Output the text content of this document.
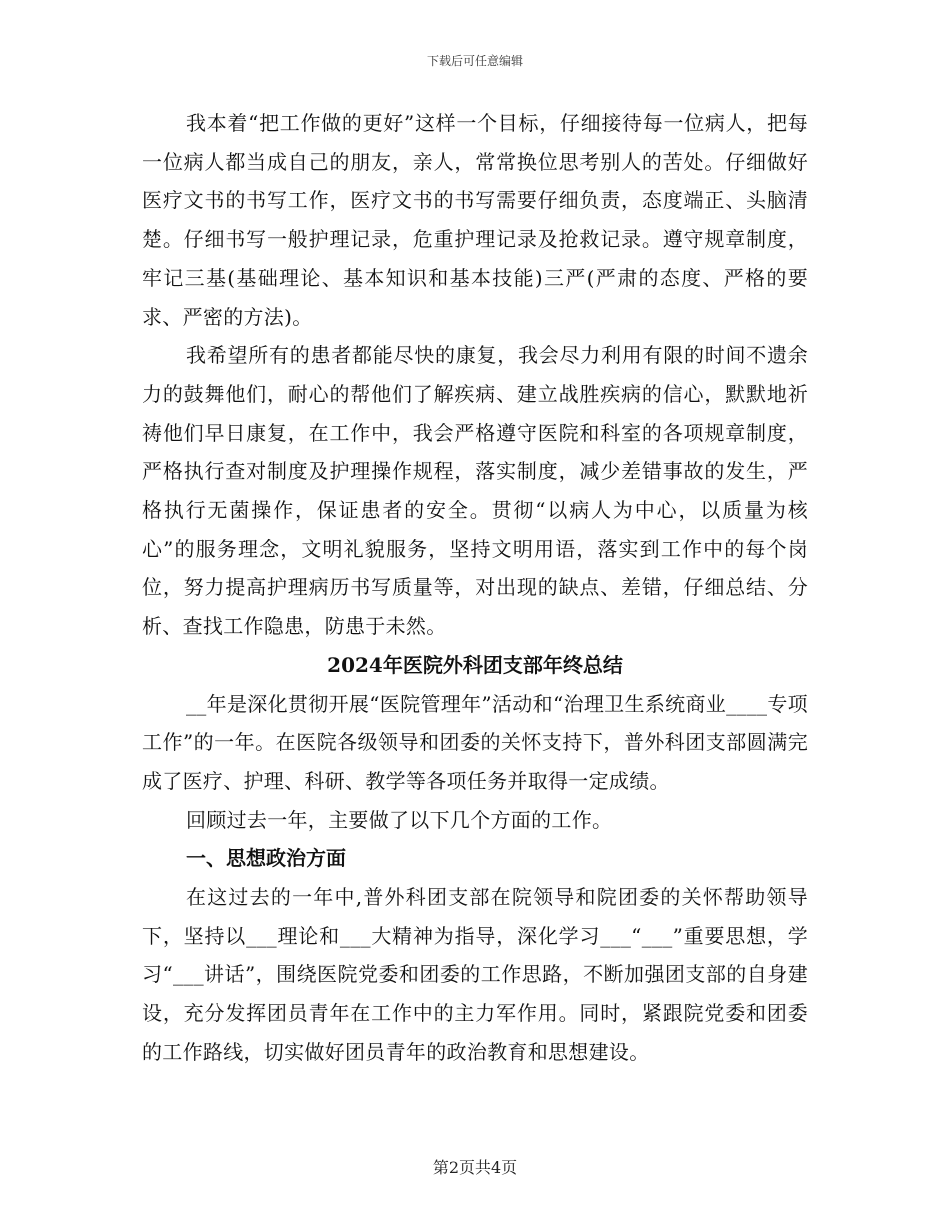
下载后可任意编辑

我本着“把工作做的更好”这样一个目标，仔细接待每一位病人，把每一位病人都当成自己的朋友，亲人，常常换位思考别人的苦处。仔细做好医疗文书的书写工作，医疗文书的书写需要仔细负责，态度端正、头脑清楚。仔细书写一般护理记录，危重护理记录及抢救记录。遵守规章制度，牢记三基(基础理论、基本知识和基本技能)三严(严肃的态度、严格的要求、严密的方法)。

我希望所有的患者都能尽快的康复，我会尽力利用有限的时间不遗余力的鼓舞他们，耐心的帮他们了解疾病、建立战胜疾病的信心，默默地祈祷他们早日康复，在工作中，我会严格遵守医院和科室的各项规章制度，严格执行查对制度及护理操作规程，落实制度，减少差错事故的发生，严格执行无菌操作，保证患者的安全。贯彻“以病人为中心，以质量为核心”的服务理念，文明礼貌服务，坚持文明用语，落实到工作中的每个岗位，努力提高护理病历书写质量等，对出现的缺点、差错，仔细总结、分析、查找工作隐患，防患于未然。

2024年医院外科团支部年终总结

__年是深化贯彻开展“医院管理年”活动和“治理卫生系统商业____专项工作”的一年。在医院各级领导和团委的关怀支持下，普外科团支部圆满完成了医疗、护理、科研、教学等各项任务并取得一定成绩。

回顾过去一年，主要做了以下几个方面的工作。

一、思想政治方面

在这过去的一年中,普外科团支部在院领导和院团委的关怀帮助领导下，坚持以___理论和___大精神为指导，深化学习___“___”重要思想，学习“___讲话”，围绕医院党委和团委的工作思路，不断加强团支部的自身建设，充分发挥团员青年在工作中的主力军作用。同时，紧跟院党委和团委的工作路线，切实做好团员青年的政治教育和思想建设。

第2页共4页
